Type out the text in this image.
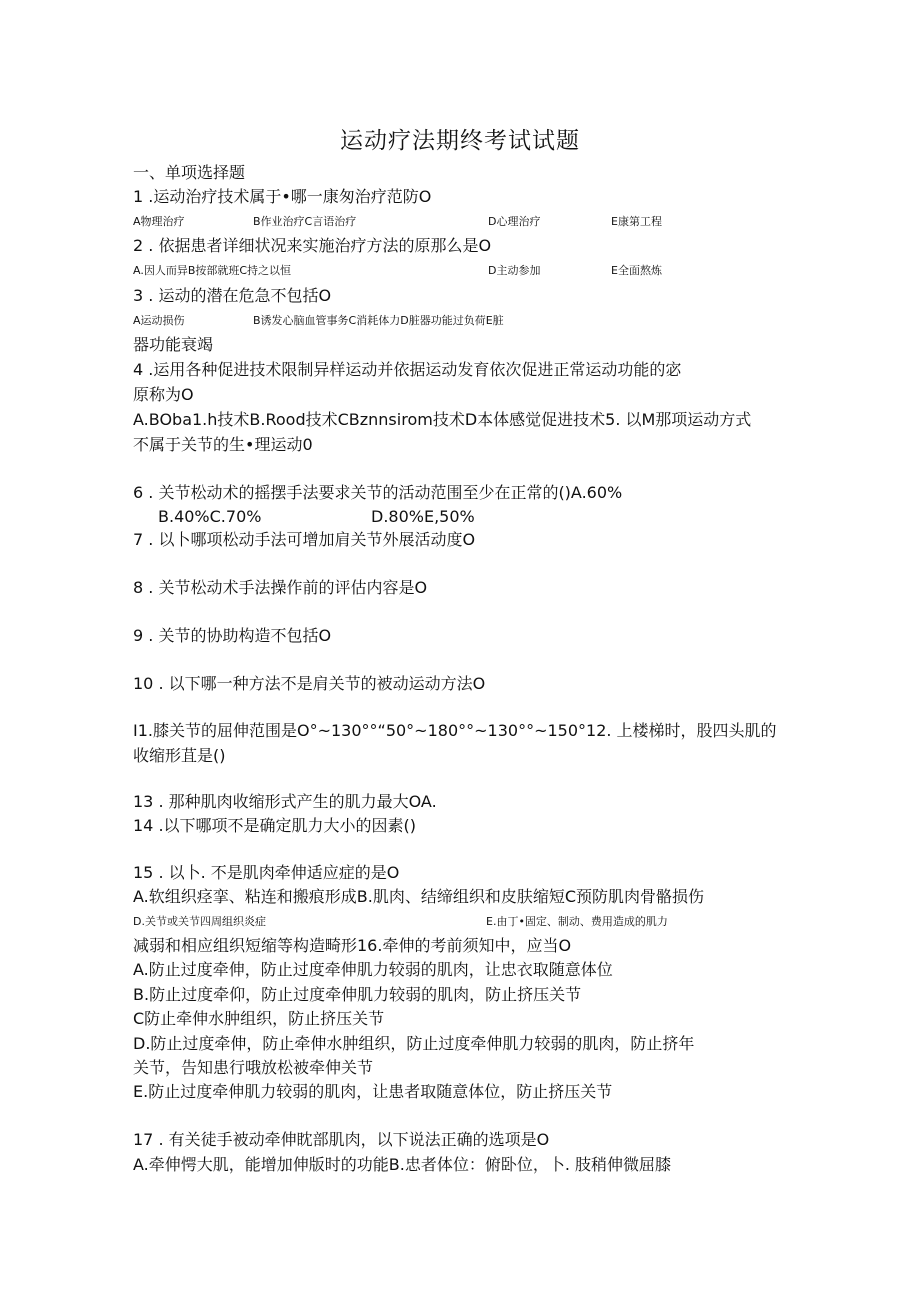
运动疗法期终考试试题
一、单项选择题
1 .运动治疗技术属于•哪一康匆治疗范防O
A物理治疗	B作业治疗C言语治疗	D心理治疗	E康第工程
2 . 依据患者详细状况来实施治疗方法的原那么是O
A.因人而异B按部就班C持之以恒	D主动参加	E全面熬炼
3 . 运动的潜在危急不包括O
A运动损伤	B诱发心脑血管事务C消耗体力D脏器功能过负荷E脏
器功能衰竭
4 .运用各种促进技术限制异样运动并依据运动发育依次促进正常运动功能的宓
原称为O
A.BOba1.h技术B.Rood技术CBznnsirom技术D本体感觉促进技术5. 以M那项运动方式
不属于关节的生•理运动0
6 . 关节松动术的摇摆手法要求关节的活动范围至少在正常的()A.60%
B.40%C.70%	D.80%E,50%
7 . 以卜哪项松动手法可增加肩关节外展活动度O
8 . 关节松动术手法操作前的评估内容是O
9 . 关节的协助构造不包括O
10 . 以下哪一种方法不是肩关节的被动运动方法O
I1.膝关节的屈伸范围是O°~130°°“50°~180°°~130°°~150°12. 上楼梯时，股四头肌的
收缩形苴是()
13 . 那种肌肉收缩形式产生的肌力最大OA.
14 .以下哪项不是确定肌力大小的因素()
15 . 以卜. 不是肌肉牵伸适应症的是O
A.软组织痉挛、粘连和搬痕形成B.肌肉、结缔组织和皮肤缩短C预防肌肉骨骼损伤
D.关节或关节四周组织炎症	E.由丁•固定、制动、费用造成的肌力
减弱和相应组织短缩等构造畸形16.牵伸的考前须知中，应当O
A.防止过度牵伸，防止过度牵伸肌力较弱的肌肉，让忠衣取随意体位
B.防止过度牵仰，防止过度牵伸肌力较弱的肌肉，防止挤压关节
C防止牵伸水肿组织，防止挤压关节
D.防止过度牵伸，防止牵伸水肿组织，防止过度牵伸肌力较弱的肌肉，防止挤年
关节，告知患行哦放松被牵伸关节
E.防止过度牵伸肌力较弱的肌肉，让患者取随意体位，防止挤压关节
17 . 有关徒手被动牵伸眈部肌肉，以下说法正确的选项是O
A.牵伸愕大肌，能增加伸版时的功能B.忠者体位：俯卧位，卜. 肢稍伸微屈膝
